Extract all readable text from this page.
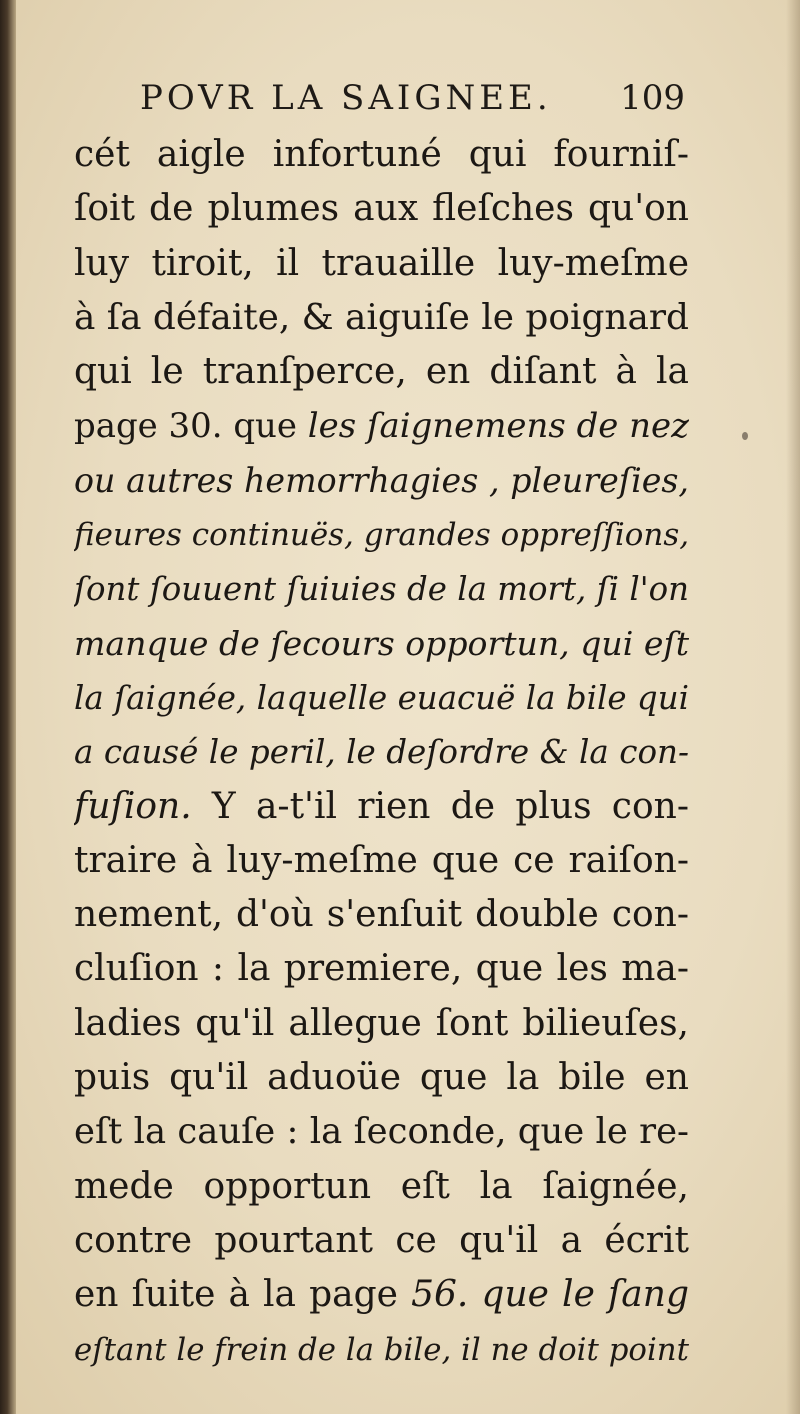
POVR LA SAIGNEE. 109
cét aigle infortuné qui fourniſ-
ſoit de plumes aux fleſches qu'on
luy tiroit, il trauaille luy-meſme
à ſa défaite, & aiguiſe le poignard
qui le tranſperce, en diſant à la
page 30. que les ſaignemens de nez
ou autres hemorrhagies , pleureſies,
fieures continuës, grandes oppreſſions,
ſont ſouuent ſuiuies de la mort, ſi l'on
manque de ſecours opportun, qui eſt
la ſaignée, laquelle euacuë la bile qui
a causé le peril, le deſordre & la con-
fuſion. Y a-t'il rien de plus con-
traire à luy-meſme que ce raiſon-
nement, d'où s'enſuit double con-
cluſion : la premiere, que les ma-
ladies qu'il allegue ſont bilieuſes,
puis qu'il aduoüe que la bile en
eſt la cauſe : la ſeconde, que le re-
mede opportun eſt la ſaignée,
contre pourtant ce qu'il a écrit
en ſuite à la page 56. que le ſang
eſtant le frein de la bile, il ne doit point
